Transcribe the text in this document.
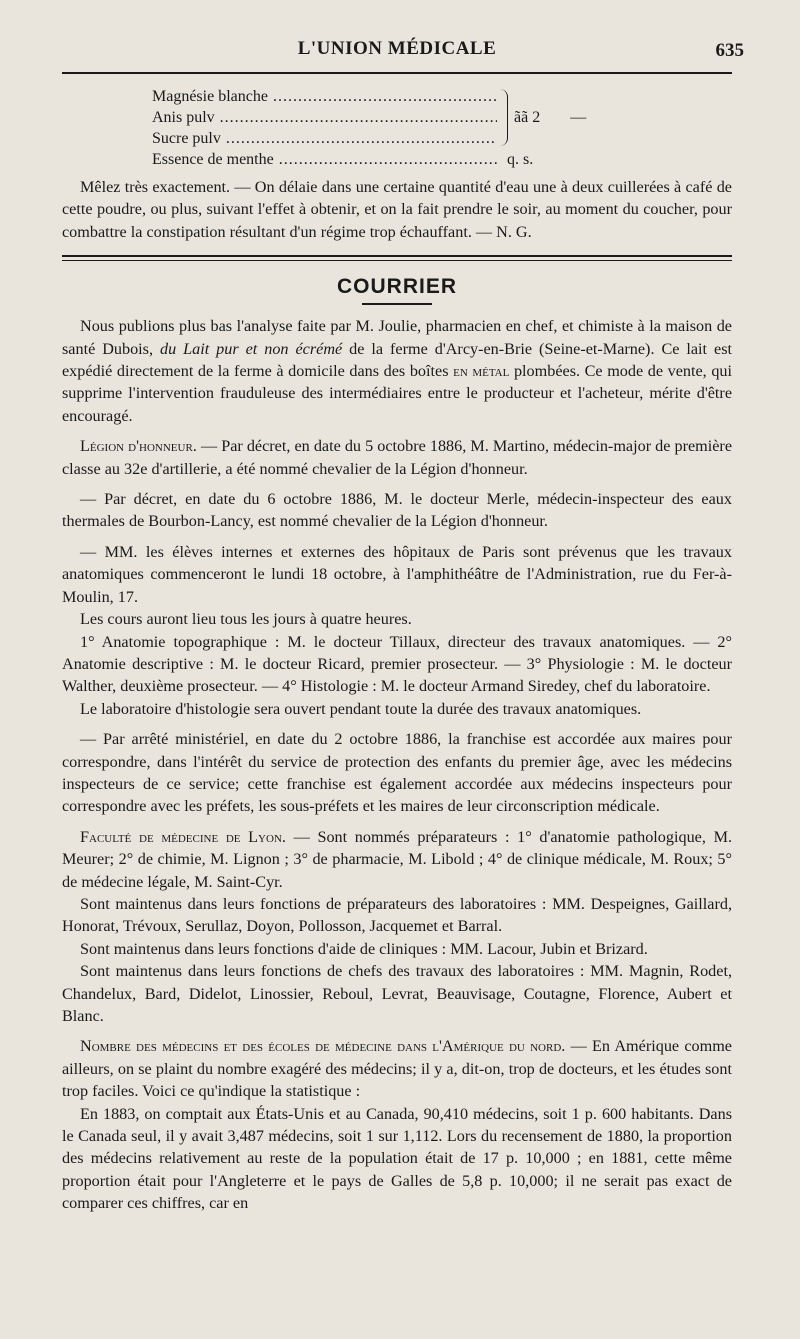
L'UNION MÉDICALE	635
Magnésie blanche .....
Anis pulv .....
Sucre pulv .....
ãã 2 —
Essence de menthe .....	q. s.

Mêlez très exactement. — On délaie dans une certaine quantité d'eau une à deux cuillerées à café de cette poudre, ou plus, suivant l'effet à obtenir, et on la fait prendre le soir, au moment du coucher, pour combattre la constipation résultant d'un régime trop échauffant. — N. G.

COURRIER

Nous publions plus bas l'analyse faite par M. Joulie, pharmacien en chef, et chimiste à la maison de santé Dubois, du Lait pur et non écrémé de la ferme d'Arcy-en-Brie (Seine-et-Marne). Ce lait est expédié directement de la ferme à domicile dans des boîtes en métal plombées. Ce mode de vente, qui supprime l'intervention frauduleuse des intermédiaires entre le producteur et l'acheteur, mérite d'être encouragé.

Légion d'honneur. — Par décret, en date du 5 octobre 1886, M. Martino, médecin-major de première classe au 32e d'artillerie, a été nommé chevalier de la Légion d'honneur.

— Par décret, en date du 6 octobre 1886, M. le docteur Merle, médecin-inspecteur des eaux thermales de Bourbon-Lancy, est nommé chevalier de la Légion d'honneur.

— MM. les élèves internes et externes des hôpitaux de Paris sont prévenus que les travaux anatomiques commenceront le lundi 18 octobre, à l'amphithéâtre de l'Administration, rue du Fer-à-Moulin, 17.

Les cours auront lieu tous les jours à quatre heures.

1° Anatomie topographique : M. le docteur Tillaux, directeur des travaux anatomiques. — 2° Anatomie descriptive : M. le docteur Ricard, premier prosecteur. — 3° Physiologie : M. le docteur Walther, deuxième prosecteur. — 4° Histologie : M. le docteur Armand Siredey, chef du laboratoire.

Le laboratoire d'histologie sera ouvert pendant toute la durée des travaux anatomiques.

— Par arrêté ministériel, en date du 2 octobre 1886, la franchise est accordée aux maires pour correspondre, dans l'intérêt du service de protection des enfants du premier âge, avec les médecins inspecteurs de ce service; cette franchise est également accordée aux médecins inspecteurs pour correspondre avec les préfets, les sous-préfets et les maires de leur circonscription médicale.

Faculté de médecine de Lyon. — Sont nommés préparateurs : 1° d'anatomie pathologique, M. Meurer; 2° de chimie, M. Lignon ; 3° de pharmacie, M. Libold ; 4° de clinique médicale, M. Roux; 5° de médecine légale, M. Saint-Cyr.

Sont maintenus dans leurs fonctions de préparateurs des laboratoires : MM. Despeignes, Gaillard, Honorat, Trévoux, Serullaz, Doyon, Pollosson, Jacquemet et Barral.

Sont maintenus dans leurs fonctions d'aide de cliniques : MM. Lacour, Jubin et Brizard.

Sont maintenus dans leurs fonctions de chefs des travaux des laboratoires : MM. Magnin, Rodet, Chandelux, Bard, Didelot, Linossier, Reboul, Levrat, Beauvisage, Coutagne, Florence, Aubert et Blanc.

Nombre des médecins et des écoles de médecine dans l'Amérique du nord. — En Amérique comme ailleurs, on se plaint du nombre exagéré des médecins; il y a, dit-on, trop de docteurs, et les études sont trop faciles. Voici ce qu'indique la statistique :

En 1883, on comptait aux États-Unis et au Canada, 90,410 médecins, soit 1 p. 600 habitants. Dans le Canada seul, il y avait 3,487 médecins, soit 1 sur 1,112. Lors du recensement de 1880, la proportion des médecins relativement au reste de la population était de 17 p. 10,000 ; en 1881, cette même proportion était pour l'Angleterre et le pays de Galles de 5,8 p. 10,000; il ne serait pas exact de comparer ces chiffres, car en
